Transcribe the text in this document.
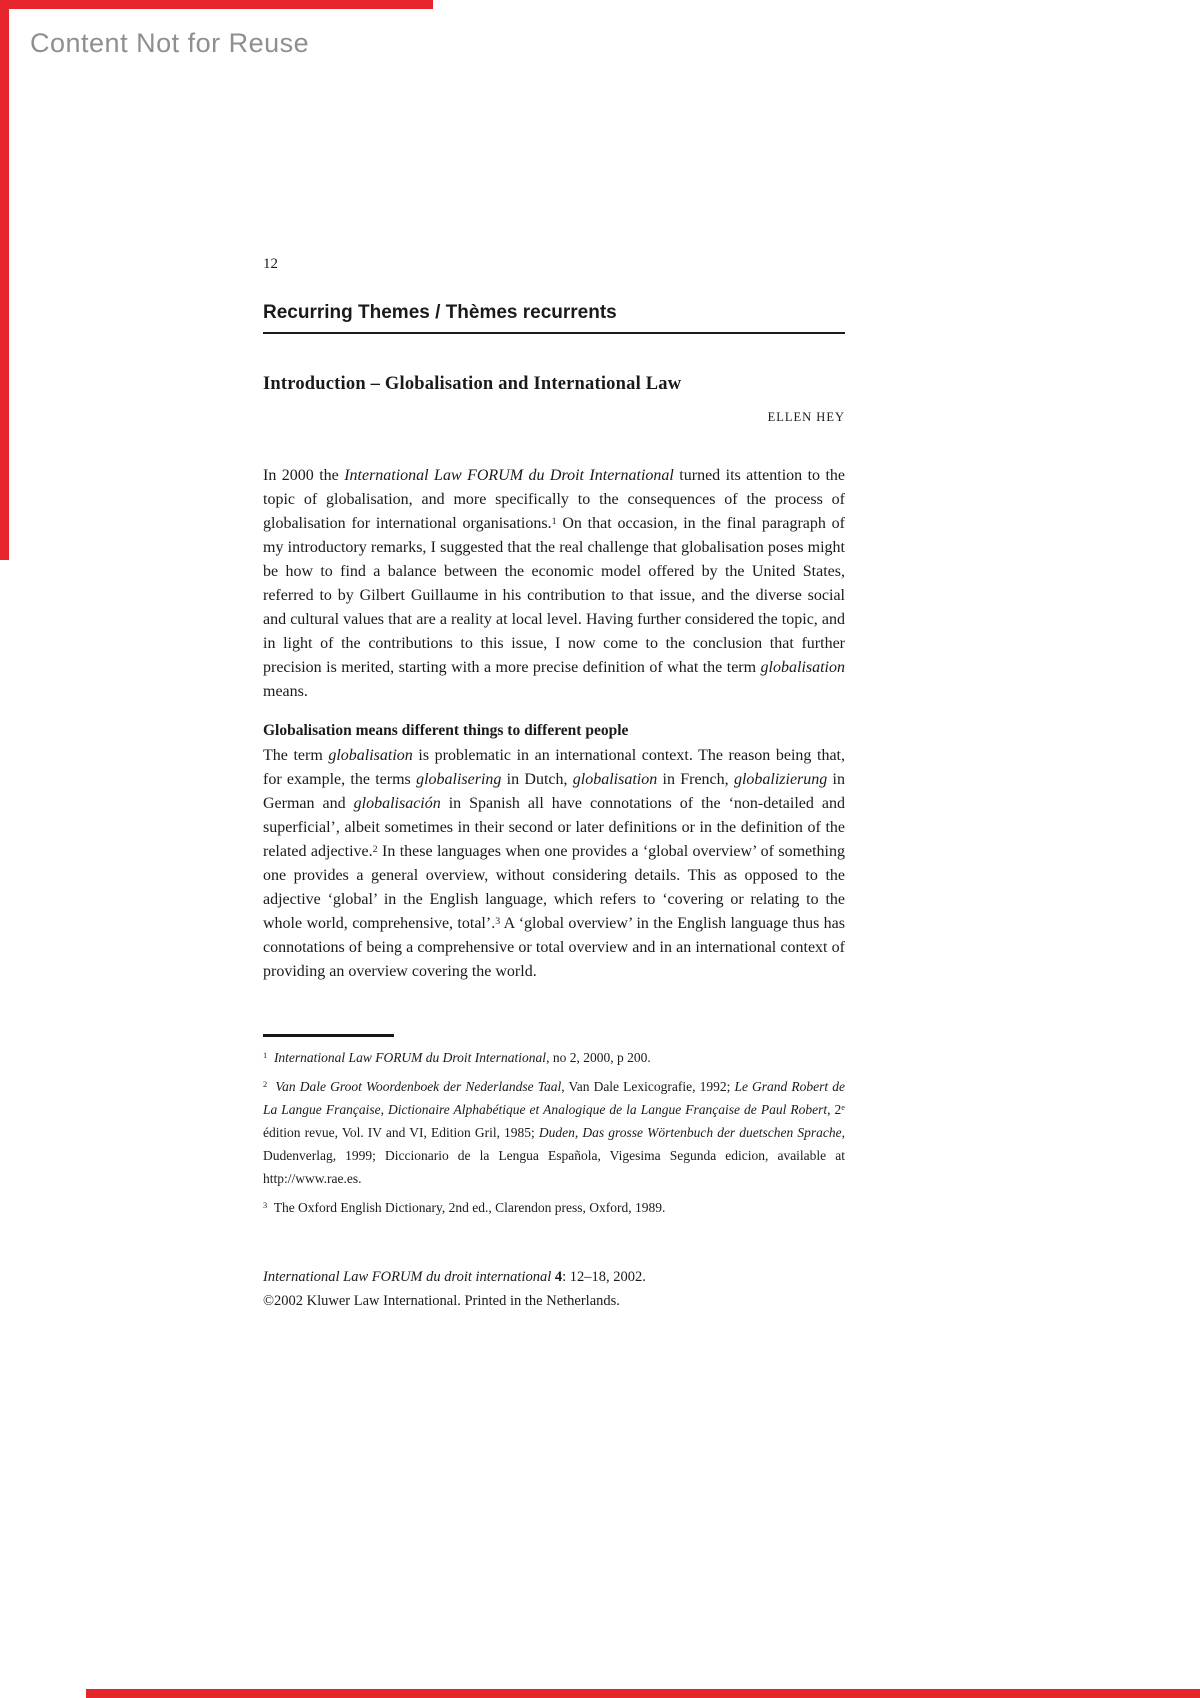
Content Not for Reuse
12
Recurring Themes / Thèmes recurrents
Introduction – Globalisation and International Law
ELLEN HEY

In 2000 the International Law FORUM du Droit International turned its attention to the topic of globalisation, and more specifically to the consequences of the process of globalisation for international organisations.$^1$ On that occasion, in the final paragraph of my introductory remarks, I suggested that the real challenge that globalisation poses might be how to find a balance between the economic model offered by the United States, referred to by Gilbert Guillaume in his contribution to that issue, and the diverse social and cultural values that are a reality at local level. Having further considered the topic, and in light of the contributions to this issue, I now come to the conclusion that further precision is merited, starting with a more precise definition of what the term globalisation means.

Globalisation means different things to different people

The term globalisation is problematic in an international context. The reason being that, for example, the terms globalisering in Dutch, globalisation in French, globalizierung in German and globalisación in Spanish all have connotations of the ‘non-detailed and superficial’, albeit sometimes in their second or later definitions or in the definition of the related adjective.$^2$ In these languages when one provides a ‘global overview’ of something one provides a general overview, without considering details. This as opposed to the adjective ‘global’ in the English language, which refers to ‘covering or relating to the whole world, comprehensive, total’.$^3$ A ‘global overview’ in the English language thus has connotations of being a comprehensive or total overview and in an international context of providing an overview covering the world.

$^1$ International Law FORUM du Droit International, no 2, 2000, p 200.

$^2$ Van Dale Groot Woordenboek der Nederlandse Taal, Van Dale Lexicografie, 1992; Le Grand Robert de La Langue Française, Dictionaire Alphabétique et Analogique de la Langue Française de Paul Robert, 2e édition revue, Vol. IV and VI, Edition Gril, 1985; Duden, Das grosse Wörtenbuch der duetschen Sprache, Dudenverlag, 1999; Diccionario de la Lengua Española, Vigesima Segunda edicion, available at http://www.rae.es.

$^3$  The Oxford English Dictionary, 2nd ed., Clarendon press, Oxford, 1989.

International Law FORUM du droit international 4: 12–18, 2002.

©2002 Kluwer Law International. Printed in the Netherlands.
